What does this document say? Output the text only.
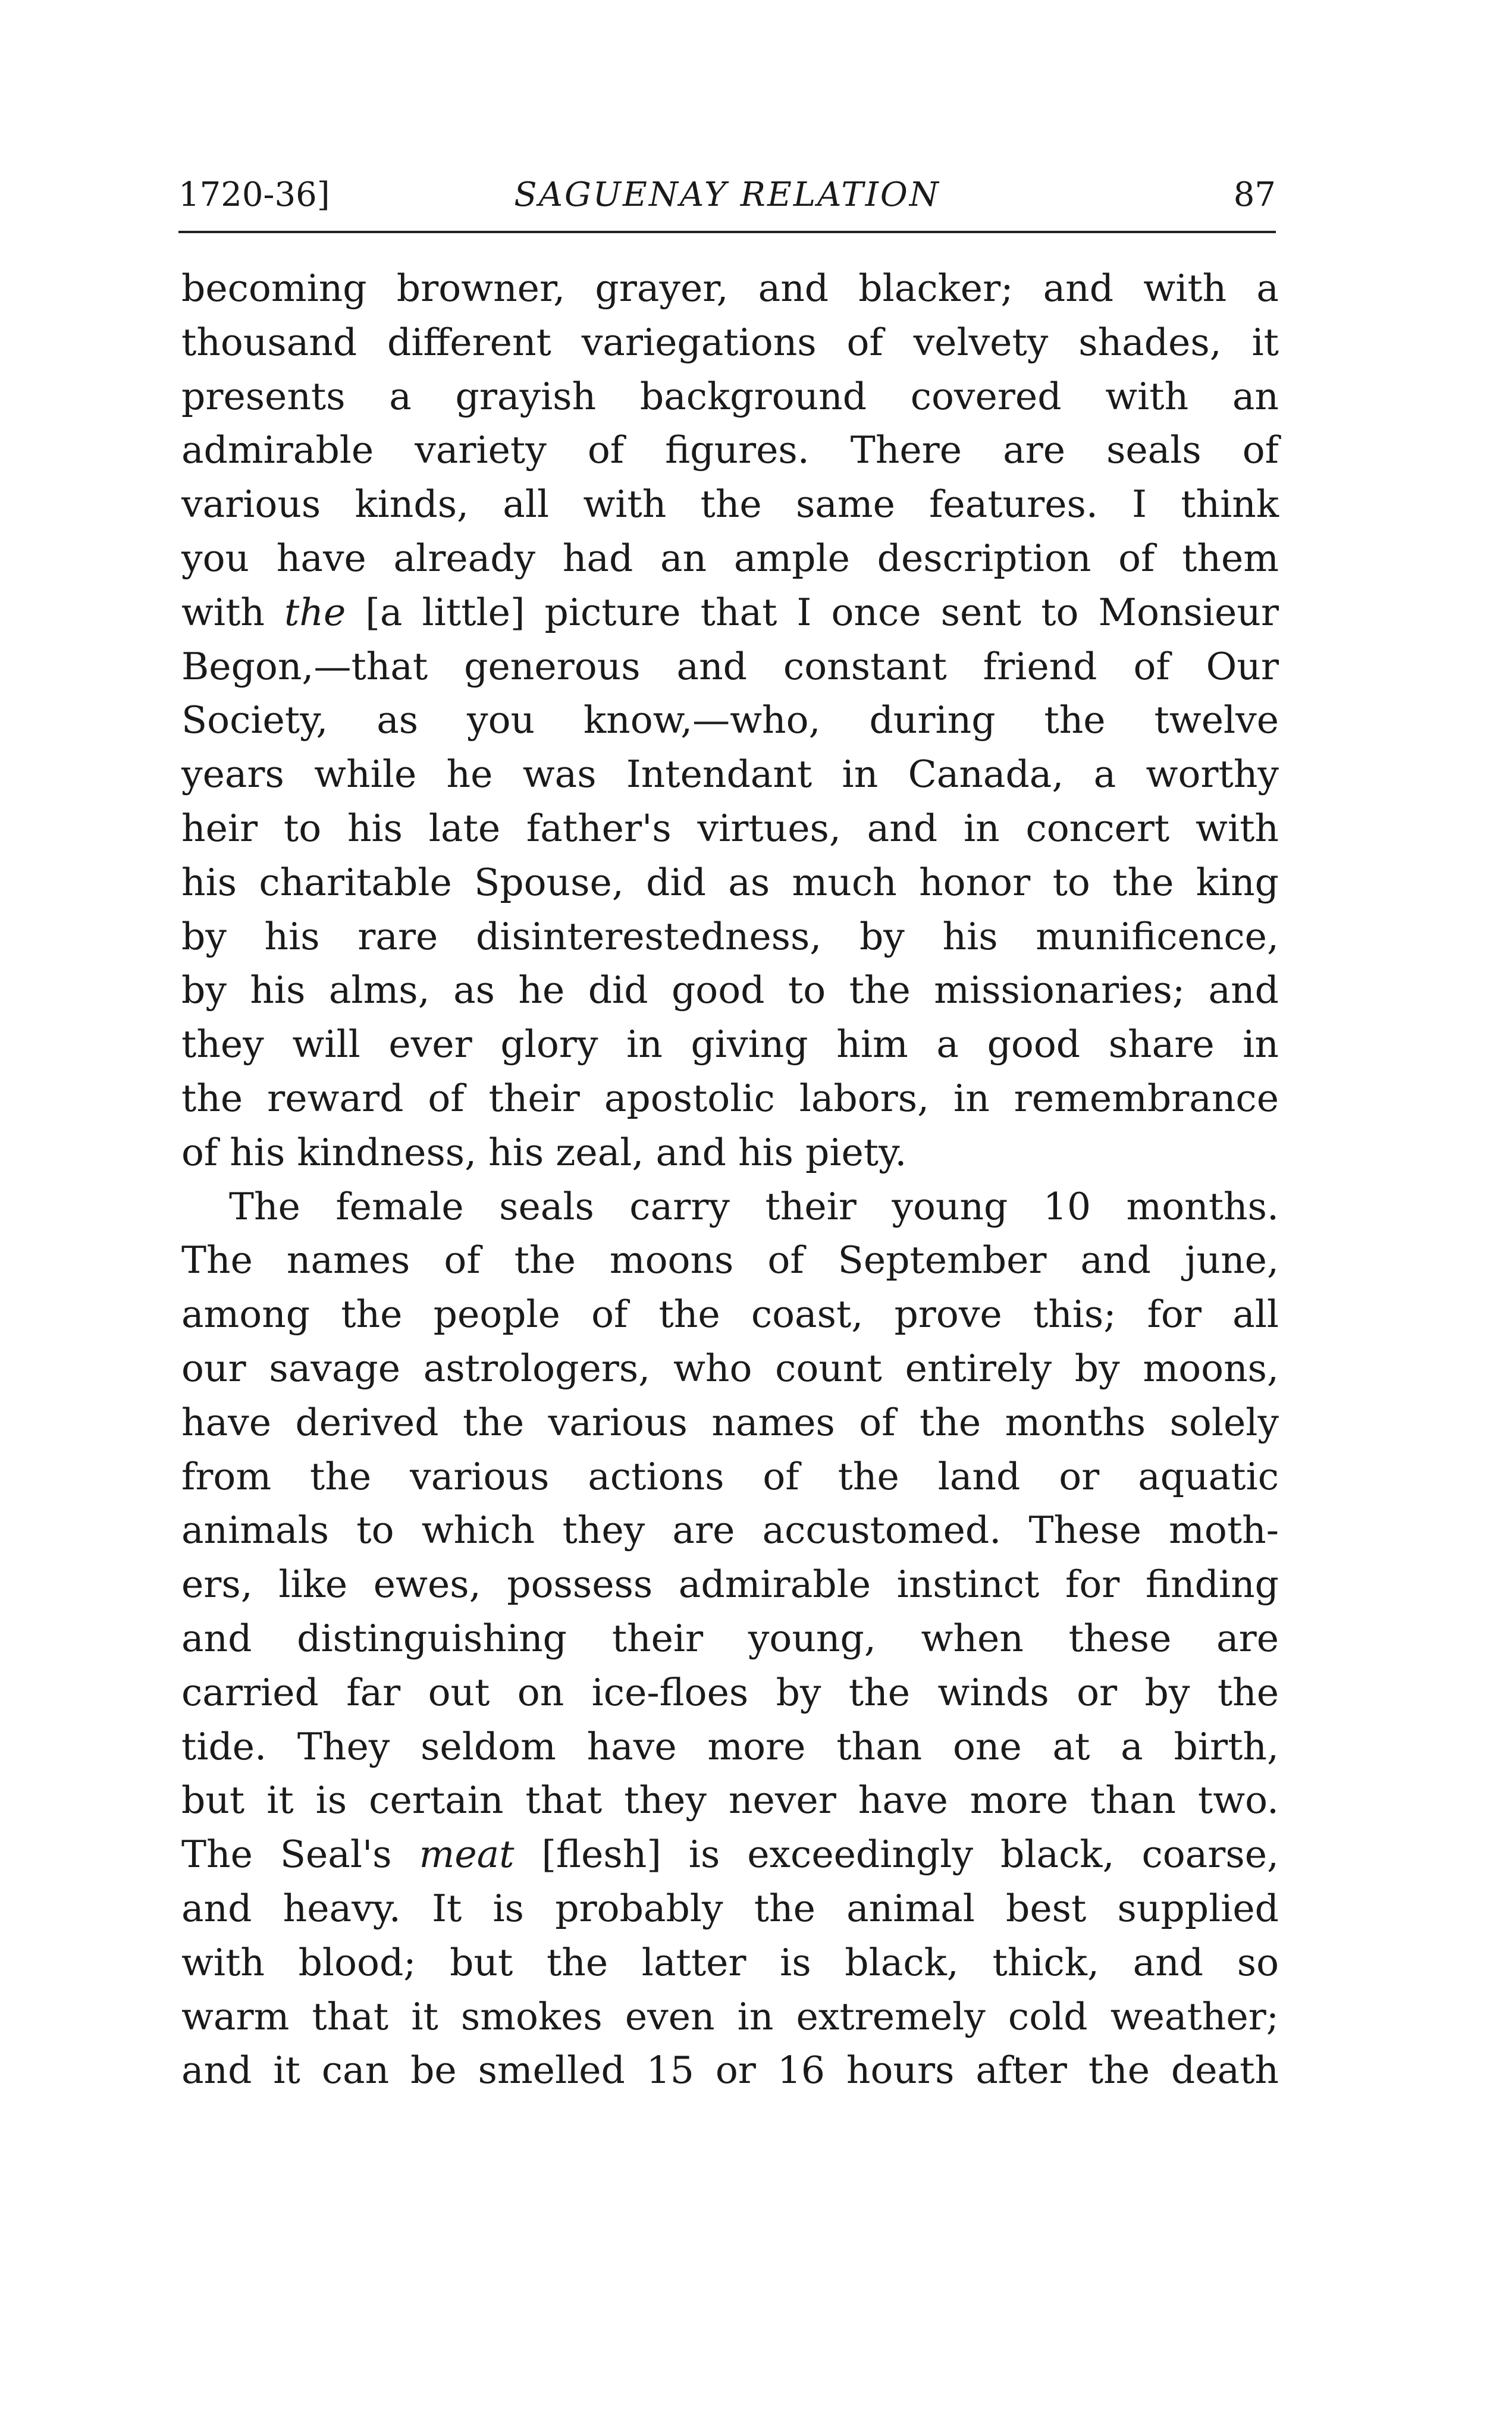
1720-36]	SAGUENAY RELATION	87
becoming browner, grayer, and blacker; and with a
thousand different variegations of velvety shades, it
presents a grayish background covered with an
admirable variety of figures. There are seals of
various kinds, all with the same features. I think
you have already had an ample description of them
with the [a little] picture that I once sent to Monsieur
Begon,—that generous and constant friend of Our
Society, as you know,—who, during the twelve
years while he was Intendant in Canada, a worthy
heir to his late father's virtues, and in concert with
his charitable Spouse, did as much honor to the king
by his rare disinterestedness, by his munificence,
by his alms, as he did good to the missionaries; and
they will ever glory in giving him a good share in
the reward of their apostolic labors, in remembrance
of his kindness, his zeal, and his piety.
The female seals carry their young 10 months.
The names of the moons of September and june,
among the people of the coast, prove this; for all
our savage astrologers, who count entirely by moons,
have derived the various names of the months solely
from the various actions of the land or aquatic
animals to which they are accustomed. These moth-
ers, like ewes, possess admirable instinct for finding
and distinguishing their young, when these are
carried far out on ice-floes by the winds or by the
tide. They seldom have more than one at a birth,
but it is certain that they never have more than two.
The Seal's meat [flesh] is exceedingly black, coarse,
and heavy. It is probably the animal best supplied
with blood; but the latter is black, thick, and so
warm that it smokes even in extremely cold weather;
and it can be smelled 15 or 16 hours after the death
